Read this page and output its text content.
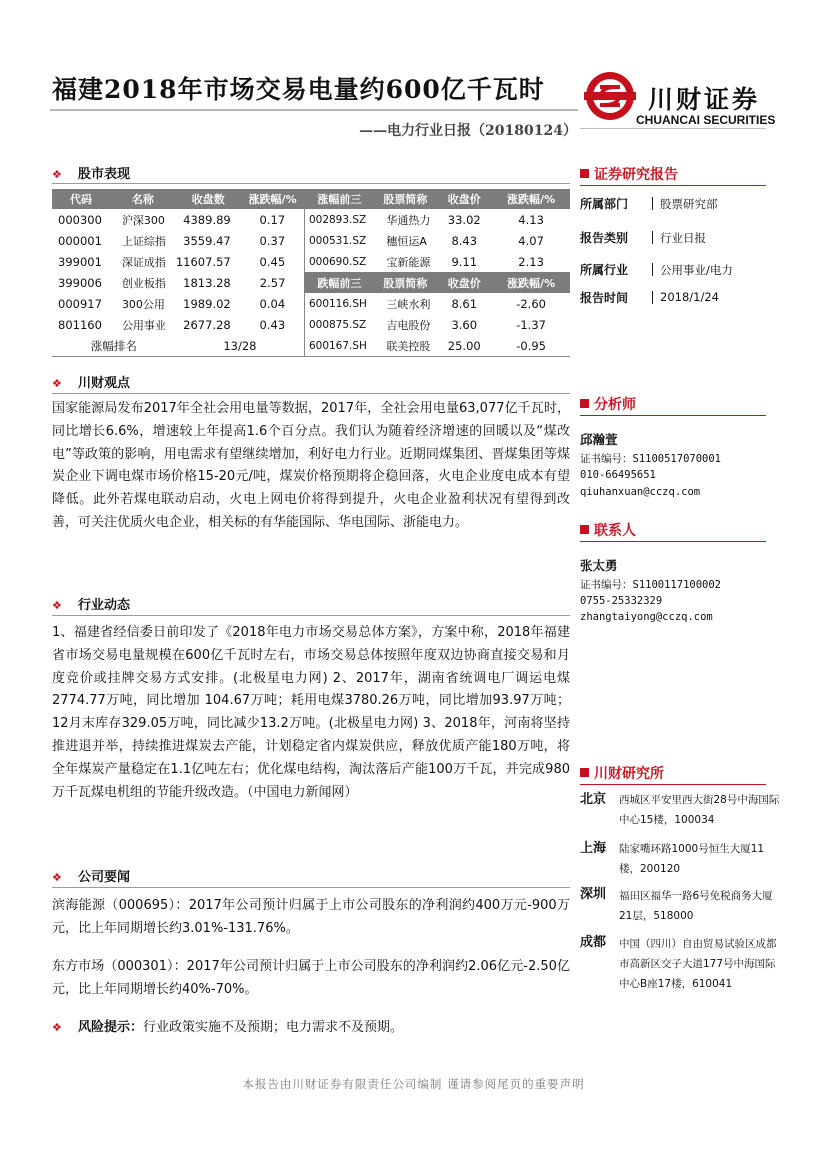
福建2018年市场交易电量约600亿千瓦时
——电力行业日报（20180124）
川财证券
CHUANCAI SECURITIES
❖ 股市表现
代码	名称	收盘数	涨跌幅/%	涨幅前三	股票简称	收盘价	涨跌幅/%
000300	沪深300	4389.89	0.17	002893.SZ	华通热力	33.02	4.13
000001	上证综指	3559.47	0.37	000531.SZ	穗恒运A	8.43	4.07
399001	深证成指	11607.57	0.45	000690.SZ	宝新能源	9.11	2.13
399006	创业板指	1813.28	2.57	跌幅前三	股票简称	收盘价	涨跌幅/%
000917	300公用	1989.02	0.04	600116.SH	三峡水利	8.61	-2.60
801160	公用事业	2677.28	0.43	000875.SZ	吉电股份	3.60	-1.37
涨幅排名		13/28		600167.SH	联美控股	25.00	-0.95
❖ 川财观点
国家能源局发布2017年全社会用电量等数据，2017年，全社会用电量63,077亿千瓦时，同比增长6.6%，增速较上年提高1.6个百分点。我们认为随着经济增速的回暖以及“煤改电”等政策的影响，用电需求有望继续增加，利好电力行业。近期同煤集团、晋煤集团等煤炭企业下调电煤市场价格15-20元/吨，煤炭价格预期将企稳回落，火电企业度电成本有望降低。此外若煤电联动启动，火电上网电价将得到提升，火电企业盈利状况有望得到改善，可关注优质火电企业，相关标的有华能国际、华电国际、浙能电力。
❖ 行业动态
1、福建省经信委日前印发了《2018年电力市场交易总体方案》，方案中称，2018年福建省市场交易电量规模在600亿千瓦时左右，市场交易总体按照年度双边协商直接交易和月度竞价或挂牌交易方式安排。(北极星电力网) 2、2017年，湖南省统调电厂调运电煤 2774.77万吨，同比增加 104.67万吨；耗用电煤3780.26万吨，同比增加93.97万吨；12月末库存329.05万吨，同比减少13.2万吨。(北极星电力网) 3、2018年，河南将坚持推进退并举，持续推进煤炭去产能，计划稳定省内煤炭供应，释放优质产能180万吨，将全年煤炭产量稳定在1.1亿吨左右；优化煤电结构，淘汰落后产能100万千瓦，并完成980万千瓦煤电机组的节能升级改造。（中国电力新闻网）
❖ 公司要闻
滨海能源（000695）：2017年公司预计归属于上市公司股东的净利润约400万元-900万元，比上年同期增长约3.01%-131.76%。
东方市场（000301）：2017年公司预计归属于上市公司股东的净利润约2.06亿元-2.50亿元，比上年同期增长约40%-70%。
❖ 风险提示：行业政策实施不及预期；电力需求不及预期。
证券研究报告
所属部门	股票研究部
报告类别	行业日报
所属行业	公用事业/电力
报告时间	2018/1/24
分析师
邱瀚萱
证书编号：S1100517070001
010-66495651
qiuhanxuan@cczq.com
联系人
张太勇
证书编号：S1100117100002
0755-25332329
zhangtaiyong@cczq.com
川财研究所
北京 西城区平安里西大街28号中海国际中心15楼，100034
上海 陆家嘴环路1000号恒生大厦11楼，200120
深圳 福田区福华一路6号免税商务大厦21层，518000
成都 中国（四川）自由贸易试验区成都市高新区交子大道177号中海国际中心B座17楼，610041
本报告由川财证券有限责任公司编制 谨请参阅尾页的重要声明
